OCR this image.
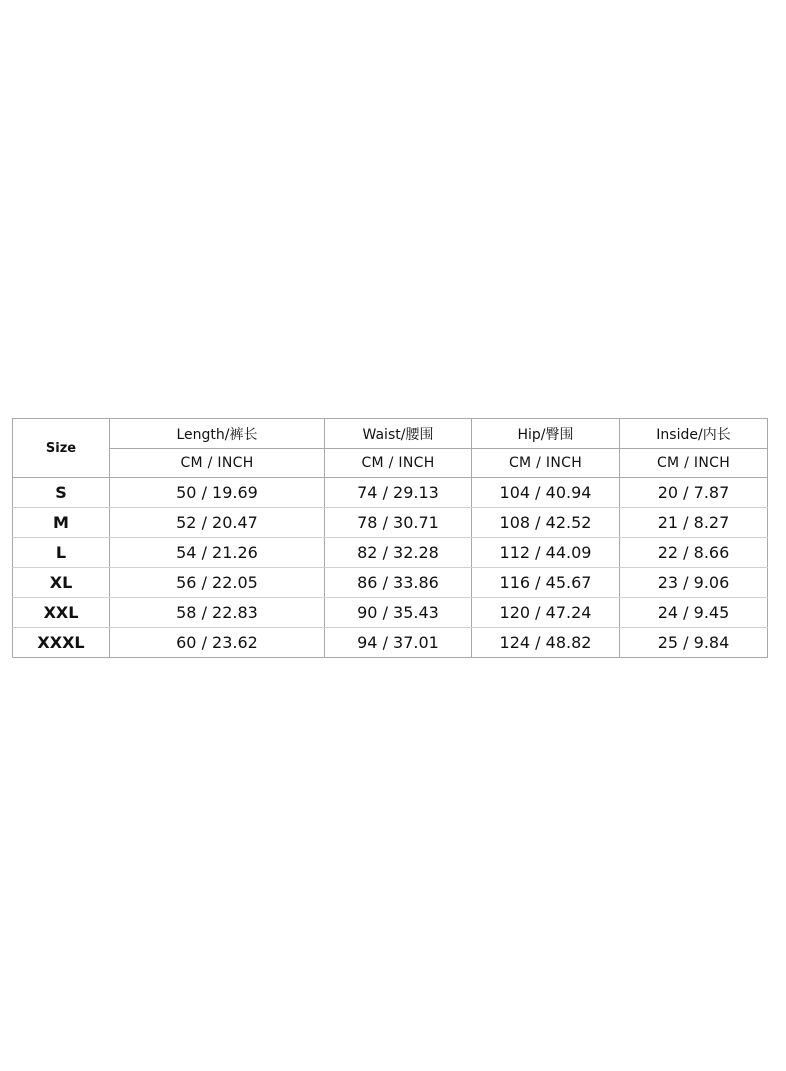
Size	Length/裤长	Waist/腰围	Hip/臀围	Inside/内长
	CM / INCH	CM / INCH	CM / INCH	CM / INCH
S	50 / 19.69	74 / 29.13	104 / 40.94	20 / 7.87
M	52 / 20.47	78 / 30.71	108 / 42.52	21 / 8.27
L	54 / 21.26	82 / 32.28	112 / 44.09	22 / 8.66
XL	56 / 22.05	86 / 33.86	116 / 45.67	23 / 9.06
XXL	58 / 22.83	90 / 35.43	120 / 47.24	24 / 9.45
XXXL	60 / 23.62	94 / 37.01	124 / 48.82	25 / 9.84
